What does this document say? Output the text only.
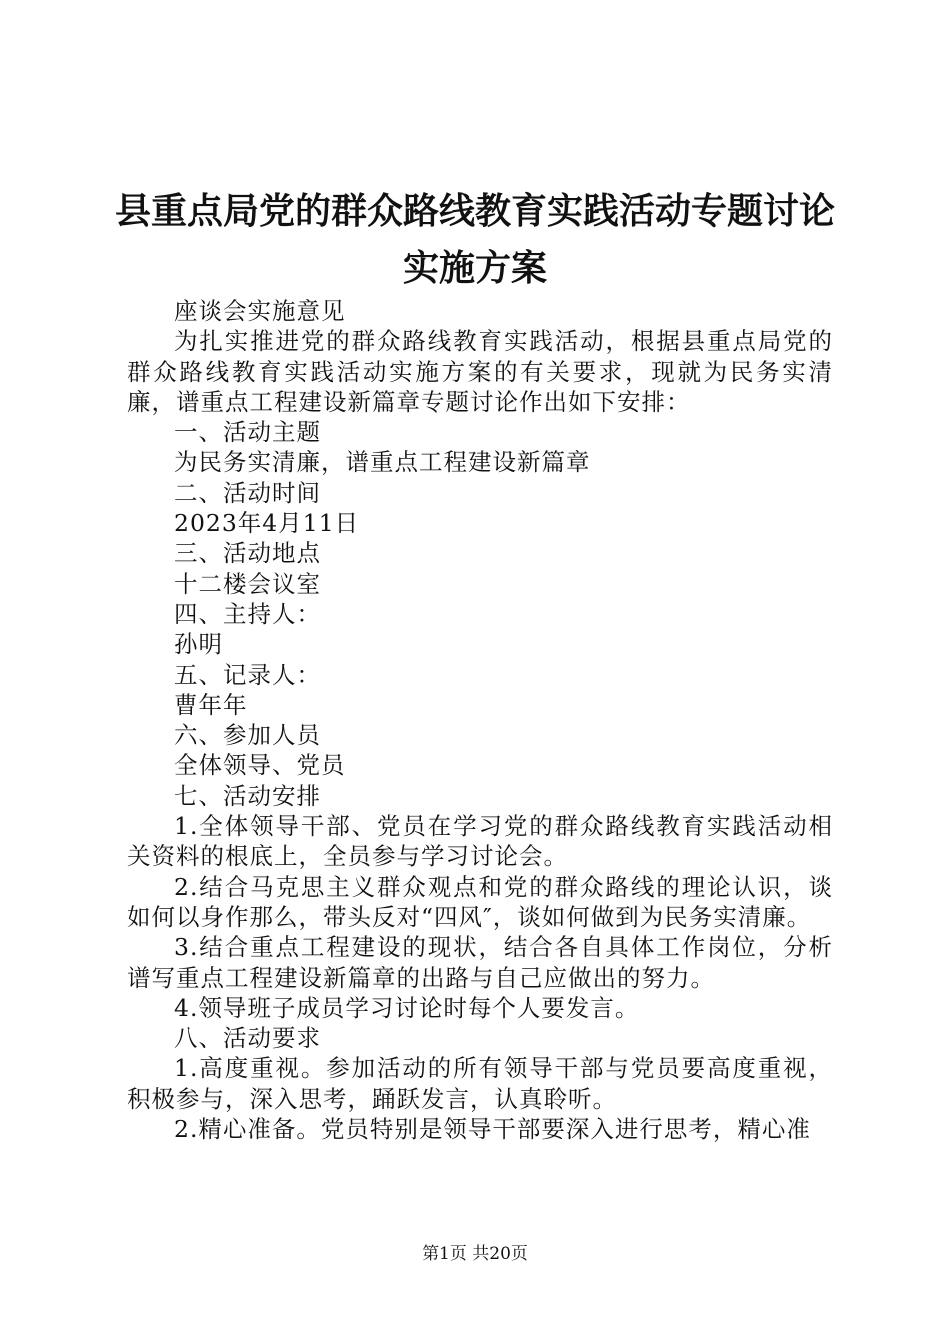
县重点局党的群众路线教育实践活动专题讨论
实施方案

座谈会实施意见

为扎实推进党的群众路线教育实践活动，根据县重点局党的群众路线教育实践活动实施方案的有关要求，现就为民务实清廉，谱重点工程建设新篇章专题讨论作出如下安排：

一、活动主题

为民务实清廉，谱重点工程建设新篇章

二、活动时间

2023年4月11日

三、活动地点

十二楼会议室

四、主持人：

孙明

五、记录人：

曹年年

六、参加人员

全体领导、党员

七、活动安排

1.全体领导干部、党员在学习党的群众路线教育实践活动相关资料的根底上，全员参与学习讨论会。

2.结合马克思主义群众观点和党的群众路线的理论认识，谈如何以身作那么，带头反对“四风″，谈如何做到为民务实清廉。

3.结合重点工程建设的现状，结合各自具体工作岗位，分析谱写重点工程建设新篇章的出路与自己应做出的努力。

4.领导班子成员学习讨论时每个人要发言。

八、活动要求

1.高度重视。参加活动的所有领导干部与党员要高度重视，积极参与，深入思考，踊跃发言，认真聆听。

2.精心准备。党员特别是领导干部要深入进行思考，精心准

第1页 共20页
